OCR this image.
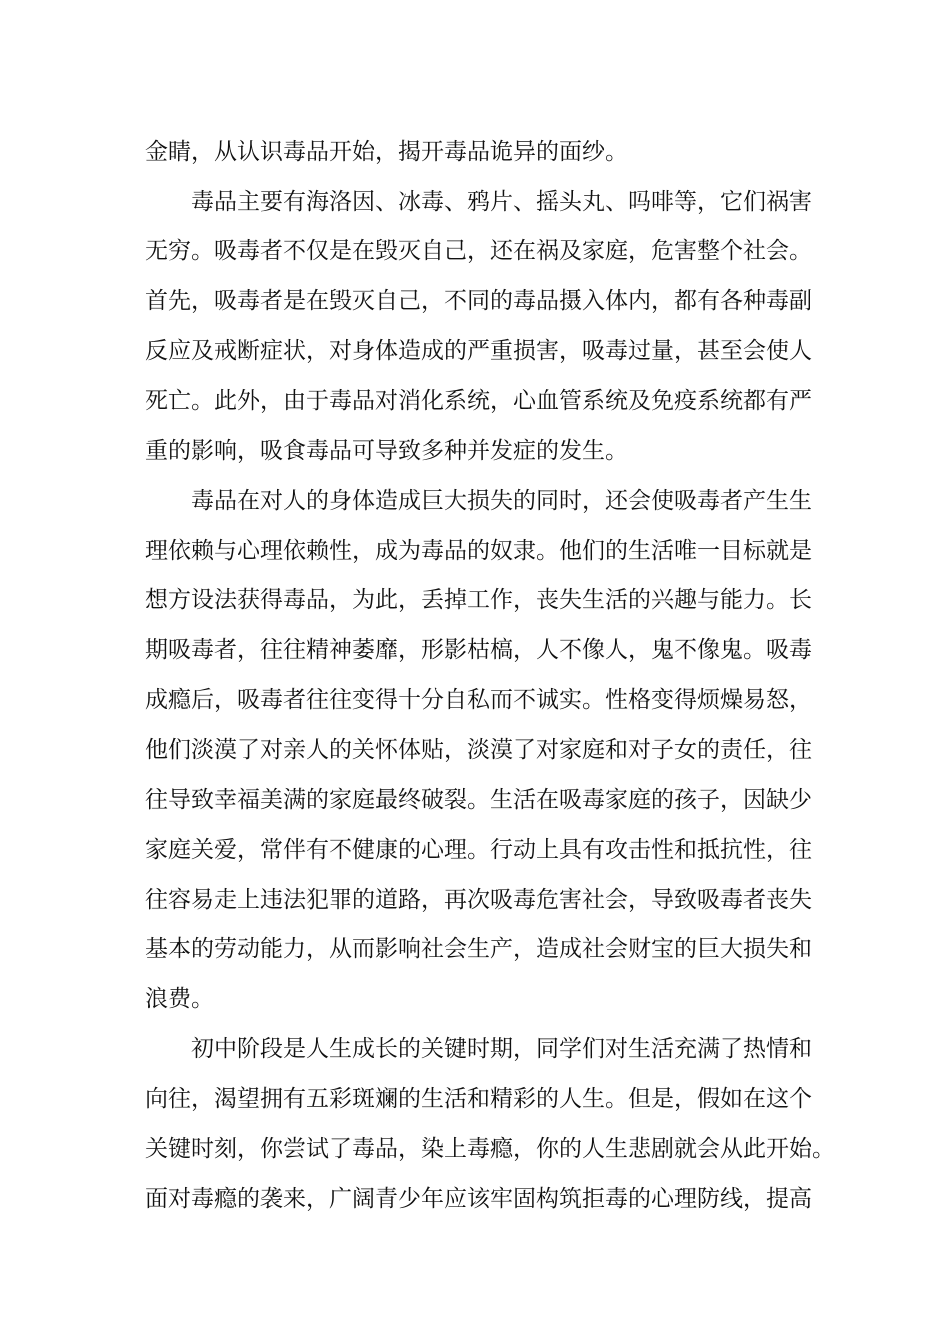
金睛，从认识毒品开始，揭开毒品诡异的面纱。
毒品主要有海洛因、冰毒、鸦片、摇头丸、吗啡等，它们祸害
无穷。吸毒者不仅是在毁灭自己，还在祸及家庭，危害整个社会。
首先，吸毒者是在毁灭自己，不同的毒品摄入体内，都有各种毒副
反应及戒断症状，对身体造成的严重损害，吸毒过量，甚至会使人
死亡。此外，由于毒品对消化系统，心血管系统及免疫系统都有严
重的影响，吸食毒品可导致多种并发症的发生。
毒品在对人的身体造成巨大损失的同时，还会使吸毒者产生生
理依赖与心理依赖性，成为毒品的奴隶。他们的生活唯一目标就是
想方设法获得毒品，为此，丢掉工作，丧失生活的兴趣与能力。长
期吸毒者，往往精神萎靡，形影枯槁，人不像人，鬼不像鬼。吸毒
成瘾后，吸毒者往往变得十分自私而不诚实。性格变得烦燥易怒，
他们淡漠了对亲人的关怀体贴，淡漠了对家庭和对子女的责任，往
往导致幸福美满的家庭最终破裂。生活在吸毒家庭的孩子，因缺少
家庭关爱，常伴有不健康的心理。行动上具有攻击性和抵抗性，往
往容易走上违法犯罪的道路，再次吸毒危害社会，导致吸毒者丧失
基本的劳动能力，从而影响社会生产，造成社会财宝的巨大损失和
浪费。
初中阶段是人生成长的关键时期，同学们对生活充满了热情和
向往，渴望拥有五彩斑斓的生活和精彩的人生。但是，假如在这个
关键时刻，你尝试了毒品，染上毒瘾，你的人生悲剧就会从此开始。
面对毒瘾的袭来，广阔青少年应该牢固构筑拒毒的心理防线，提高
